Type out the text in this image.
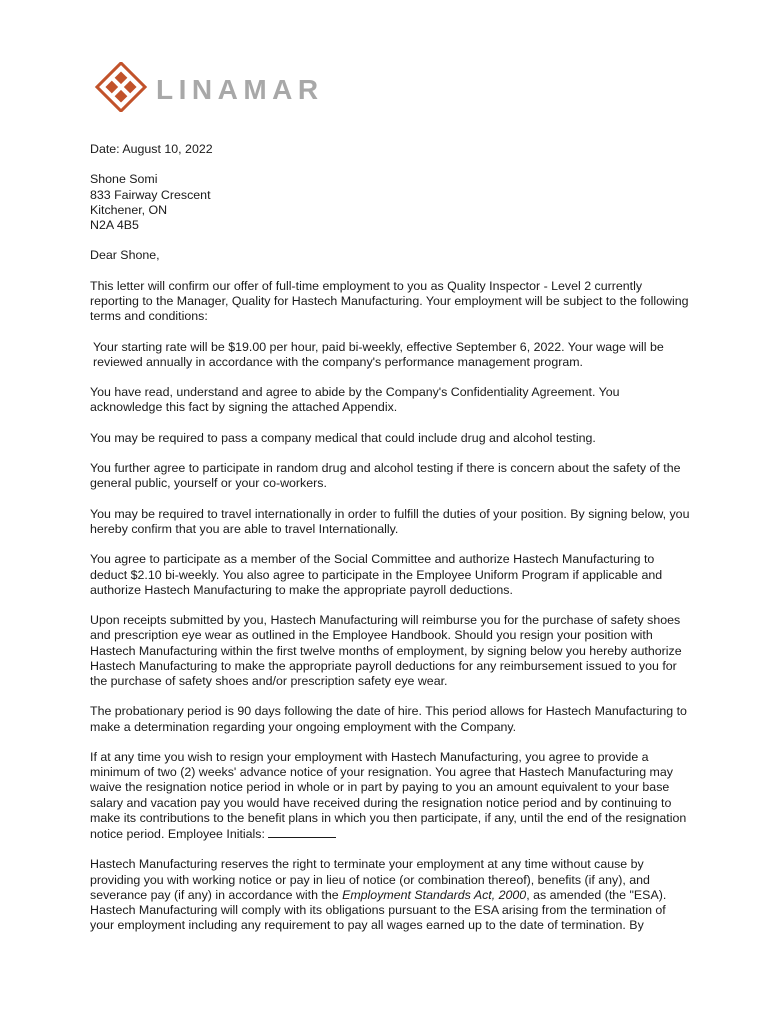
LINAMAR

Date: August 10, 2022

Shone Somi
833 Fairway Crescent
Kitchener, ON
N2A 4B5

Dear Shone,

This letter will confirm our offer of full-time employment to you as Quality Inspector - Level 2 currently reporting to the Manager, Quality for Hastech Manufacturing. Your employment will be subject to the following terms and conditions:

Your starting rate will be $19.00 per hour, paid bi-weekly, effective September 6, 2022. Your wage will be reviewed annually in accordance with the company's performance management program.

You have read, understand and agree to abide by the Company's Confidentiality Agreement. You acknowledge this fact by signing the attached Appendix.

You may be required to pass a company medical that could include drug and alcohol testing.

You further agree to participate in random drug and alcohol testing if there is concern about the safety of the general public, yourself or your co-workers.

You may be required to travel internationally in order to fulfill the duties of your position. By signing below, you hereby confirm that you are able to travel Internationally.

You agree to participate as a member of the Social Committee and authorize Hastech Manufacturing to deduct $2.10 bi-weekly. You also agree to participate in the Employee Uniform Program if applicable and authorize Hastech Manufacturing to make the appropriate payroll deductions.

Upon receipts submitted by you, Hastech Manufacturing will reimburse you for the purchase of safety shoes and prescription eye wear as outlined in the Employee Handbook. Should you resign your position with Hastech Manufacturing within the first twelve months of employment, by signing below you hereby authorize Hastech Manufacturing to make the appropriate payroll deductions for any reimbursement issued to you for the purchase of safety shoes and/or prescription safety eye wear.

The probationary period is 90 days following the date of hire. This period allows for Hastech Manufacturing to make a determination regarding your ongoing employment with the Company.

If at any time you wish to resign your employment with Hastech Manufacturing, you agree to provide a minimum of two (2) weeks' advance notice of your resignation. You agree that Hastech Manufacturing may waive the resignation notice period in whole or in part by paying to you an amount equivalent to your base salary and vacation pay you would have received during the resignation notice period and by continuing to make its contributions to the benefit plans in which you then participate, if any, until the end of the resignation notice period. Employee Initials:

Hastech Manufacturing reserves the right to terminate your employment at any time without cause by providing you with working notice or pay in lieu of notice (or combination thereof), benefits (if any), and severance pay (if any) in accordance with the Employment Standards Act, 2000, as amended (the "ESA). Hastech Manufacturing will comply with its obligations pursuant to the ESA arising from the termination of your employment including any requirement to pay all wages earned up to the date of termination. By
